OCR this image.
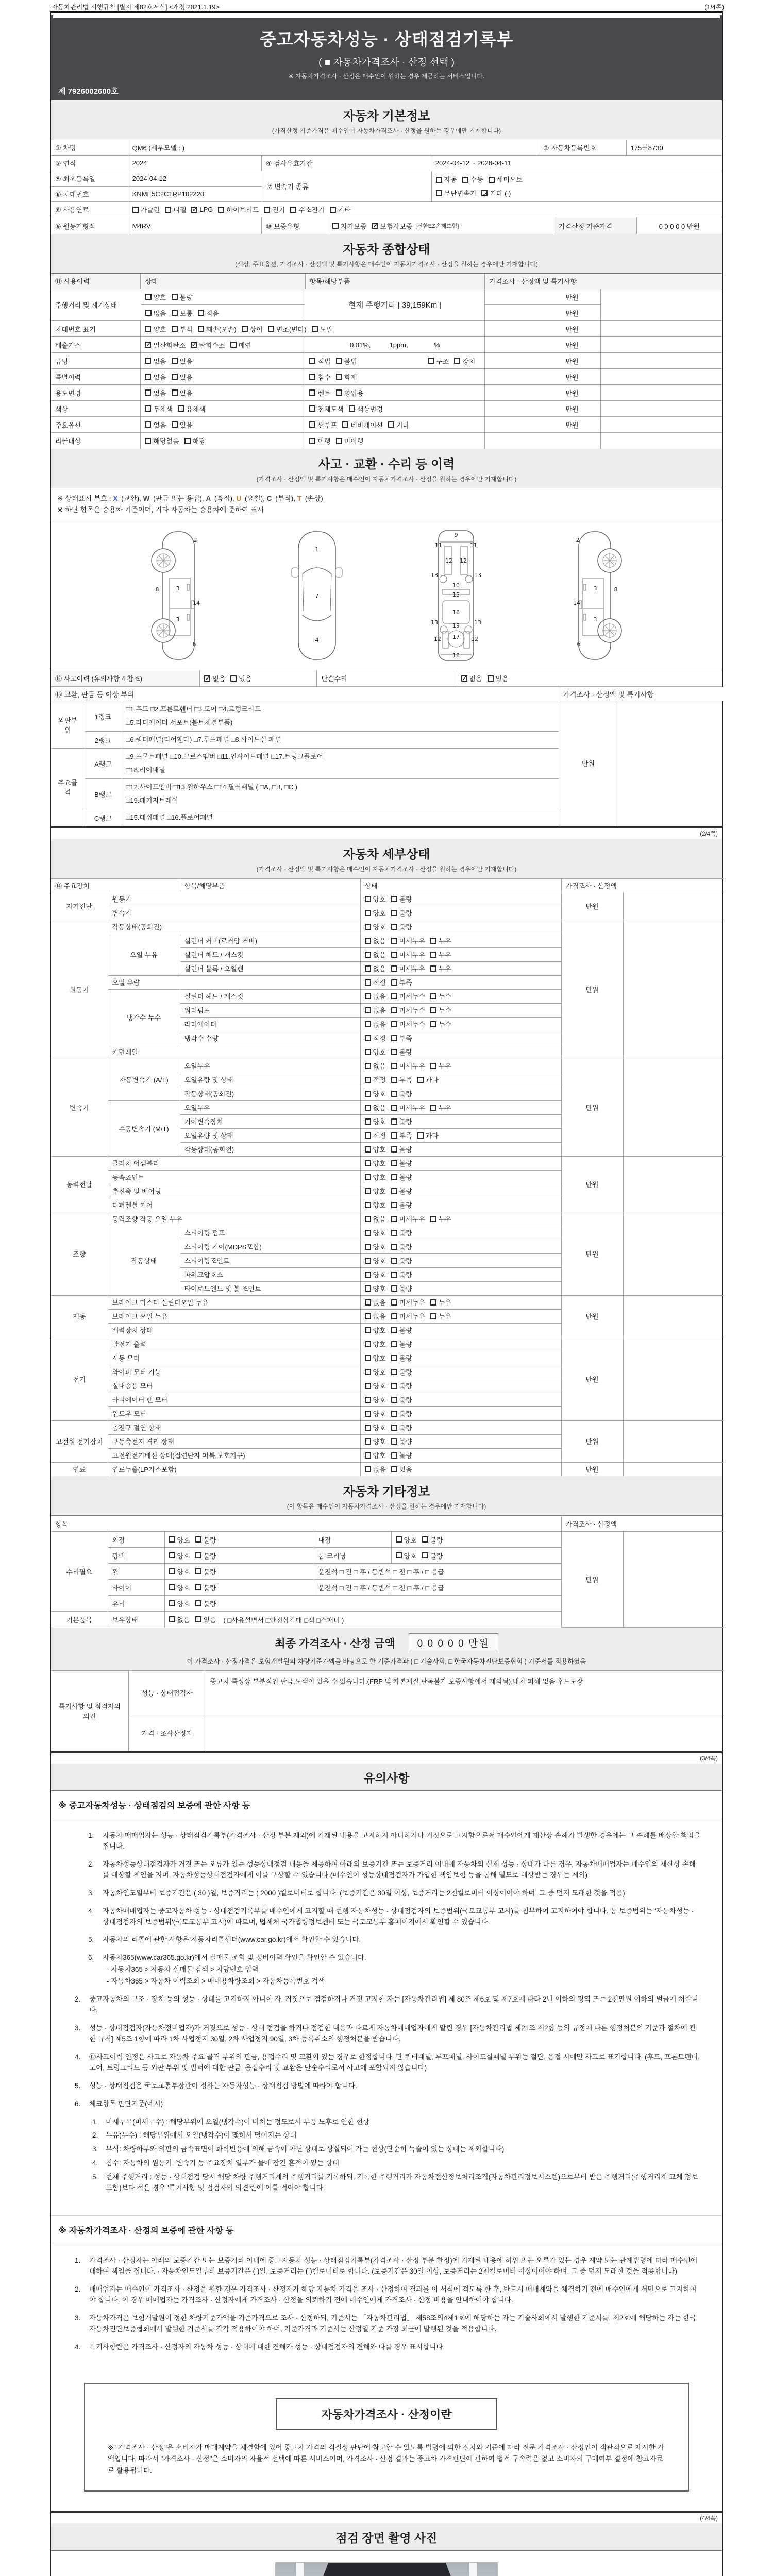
자동차관리법 시행규칙 [별지 제82호서식] <개정 2021.1.19>	(1/4쪽)
중고자동차성능 · 상태점검기록부
( ■ 자동차가격조사 · 산정 선택 )
※ 자동차가격조사 · 산정은 매수인이 원하는 경우 제공하는 서비스입니다.
제 7926002600호
자동차 기본정보
(가격산정 기준가격은 매수인이 자동차가격조사 · 산정을 원하는 경우에만 기재합니다)
① 차명	QM6 (세부모델 : )	② 자동차등록번호	175러8730
③ 연식	2024	④ 검사유효기간	2024-04-12 ~ 2028-04-11
⑤ 최초등록일	2024-04-12
⑥ 차대번호	KNME5C2C1RP102220
⑦ 변속기 종류
자동 수동 세미오토

무단변속기 ✓ 기타 ( )
⑧ 사용연료	가솔린 디젤 ✓ LPG 하이브리드 전기 수소전기 기타
⑨ 원동기형식	M4RV	⑩ 보증유형	자가보증 ✓ 보험사보증 [신한EZ손해보험]	가격산정 기준가격	0 0 0 0 0 만원
자동차 종합상태
(색상, 주요옵션, 가격조사 · 산정액 및 특기사항은 매수인이 자동차가격조사 · 산정을 원하는 경우에만 기재합니다)
⑪ 사용이력	상태	항목/해당부품	가격조사 · 산정액 및 특기사항
주행거리 및 계기상태
양호 불량
많음 보통 적음
현재 주행거리 [ 39,159Km ]
만원
만원
차대번호 표기	양호 부식 훼손(오손) 상이 변조(변타) 도말	만원
배출가스 ✓	일산화탄소 ✓ 탄화수소 매연	0.01%,          1ppm,              %	만원
튜닝	없음 있음	적법 불법	구조 장치	만원
특별이력	없음 있음	침수 화재	만원
용도변경	없음 있음	렌트 영업용	만원
색상	무채색 유채색	전체도색 색상변경	만원
주요옵션	없음 있음	썬루프 네비게이션 기타	만원
리콜대상	해당없음 해당	이행 미이행
사고 · 교환 · 수리 등 이력
(가격조사 · 산정액 및 특기사항은 매수인이 자동차가격조사 · 산정을 원하는 경우에만 기재합니다)
※ 상태표시 부호 : X (교환), W (판금 또는 용접), A (흠집), U (요철), C (부식), T (손상)
※ 하단 항목은 승용차 기준이며, 기타 자동차는 승용차에 준하여 표시
2
8	3
14
3
6
1
7
4
9
11	11
13	13
12 12
10
15
16
19
13	13
12	12
17
18
2
8
3
14
3
6
⑫ 사고이력 (유의사항 4 참조) ✓	없음 있음	단순수리 ✓	없음 있음
⑬ 교환, 판금 등 이상 부위			가격조사 · 산정액 및 특기사항	
외판부위	1랭크	□1.후드 □2.프론트휀더 □3.도어 □4.트렁크리드
□5.라디에이터 서포트(볼트체결부품)	만원	
	2랭크	□6.쿼터패널(리어휀다) □7.루프패널 □8.사이드실 패널		
주요골격	A랭크	□9.프론트패널 □10.크로스멤버 □11.인사이드패널 □17.트렁크플로어
□18.리어패널		
	B랭크	□12.사이드멤버 □13.휠하우스 □14.필러패널 ( □A, □B, □C )
□19.패키지트레이		
	C랭크	□15.대쉬패널 □16.플로어패널		
(2/4쪽)
자동차 세부상태
(가격조사 · 산정액 및 특기사항은 매수인이 자동차가격조사 · 산정을 원하는 경우에만 기재합니다)
⑭ 주요장치		항목/해당부품	상태	가격조사 · 산정액	
자기진단	원동기		양호 불량	만원	
	변속기		양호 불량		

원동기	작동상태(공회전)		양호 불량	만원	
	오일 누유	실린더 커버(로커암 커버)	없음 미세누유 누유		

		실린더 헤드 / 개스킷	없음 미세누유 누유		

		실린더 블록 / 오일팬	없음 미세누유 누유		

	오일 유량		적정 부족		

	냉각수 누수	실린더 헤드 / 개스킷	없음 미세누수 누수		

		워터펌프	없음 미세누수 누수		

		라디에이터	없음 미세누수 누수		

		냉각수 수량	적정 부족		

	커먼레일		양호 불량		

변속기	자동변속기 (A/T)	오일누유	없음 미세누유 누유	만원	
		오일유량 및 상태	적정 부족 과다		

		작동상태(공회전)	양호 불량		

	수동변속기 (M/T)	오일누유	없음 미세누유 누유		

		기어변속장치	양호 불량		

		오일유량 및 상태	적정 부족 과다		

		작동상태(공회전)	양호 불량		

동력전달	클러치 어셈블리		양호 불량	만원	
	등속죠인트		양호 불량		

	추진축 및 베어링		양호 불량		

	디퍼렌셜 기어		양호 불량		

조향	동력조향 작동 오일 누유		없음 미세누유 누유	만원	
	작동상태	스티어링 펌프	양호 불량		

		스티어링 기어(MDPS포함)	양호 불량		

		스티어링조인트	양호 불량		

		파워고압호스	양호 불량		

		타이로드엔드 및 볼 조인트	양호 불량		

제동	브레이크 마스터 실린더오일 누유		없음 미세누유 누유	만원	
	브레이크 오일 누유		없음 미세누유 누유		

	배력장치 상태		양호 불량		

전기	발전기 출력		양호 불량	만원	
	시동 모터		양호 불량		

	와이퍼 모터 기능		양호 불량		

	실내송풍 모터		양호 불량		

	라디에이터 팬 모터		양호 불량		

	윈도우 모터		양호 불량		

고전원 전기장치	충전구 절연 상태		양호 불량	만원	
	구동축전지 격리 상태		양호 불량		

	고전원전기배선 상태(절연단자 피복,보호기구)		양호 불량		

연료	연료누출(LP가스포함)		없음 있음	만원	
자동차 기타정보
(이 항목은 매수인이 자동차가격조사 · 산정을 원하는 경우에만 기재합니다)
항목					가격조사 · 산정액	
수리필요	외장	양호 불량	내장	양호 불량	만원	
	광택	양호 불량	룸 크리닝	양호 불량		

	휠	양호 불량	운전석 □ 전 □ 후 / 동반석 □ 전 □ 후 / □ 응급			
	타이어	양호 불량	운전석 □ 전 □ 후 / 동반석 □ 전 □ 후 / □ 응급			
	유리	양호 불량				

기본품목	보유상태	없음 있음 ( □사용설명서 □안전삼각대 □잭 □스패너 )				
최종 가격조사 · 산정 금액	0 0 0 0 0 만원
이 가격조사 · 산정가격은 보험개발원의 차량기준가액을 바탕으로 한 기준가격과 ( □ 기술사회, □ 한국자동차진단보증협회 ) 기준서를 적용하였음
특기사항 및 점검자의 의견	성능 · 상태점검자	중고차 특성상 부분적인 판금,도색이 있을 수 있습니다.(FRP 및 카본재질 판독불가 보증사항에서 제외됨),내차 피해 없음 후드도장
	가격 · 조사산정자	
(3/4쪽)
유의사항
※ 중고자동차성능 · 상태점검의 보증에 관한 사항 등
1.	자동차 매매업자는 성능 · 상태점검기록부(가격조사 · 산정 부분 제외)에 기재된 내용을 고지하지 아니하거나 거짓으로 고지함으로써 매수인에게 재산상 손해가 발생한 경우에는 그 손해를 배상할 책임을 집니다.
2.	자동차성능상태점검자가 거짓 또는 오류가 있는 성능상태점검 내용을 제공하여 아래의 보증기간 또는 보증거리 이내에 자동차의 실제 성능 · 상태가 다른 경우, 자동차매매업자는 매수인의 재산상 손해를 배상할 책임을 지며, 자동차성능상태점검자에게 이를 구상할 수 있습니다.(매수인이 성능상태점검자가 가입한 책임보험 등을 통해 별도로 배상받는 경우는 제외)
3.	자동차인도일부터 보증기간은 ( 30 )일, 보증거리는 ( 2000 )킬로미터로 합니다. (보증기간은 30일 이상, 보증거리는 2천킬로미터 이상이어야 하며, 그 중 먼저 도래한 것을 적용)
4.	자동차매매업자는 중고자동차 성능 · 상태점검기록부를 매수인에게 고지할 때 현행 자동차성능 · 상태점검자의 보증범위(국토교통부 고시)를 첨부하여 고지하여야 합니다. 동 보증범위는 '자동차성능 · 상태점검자의 보증범위'(국토교통부 고시)에 따르며, 법제처 국가법령정보센터 또는 국토교통부 홈페이지에서 확인할 수 있습니다.
5.	자동차의 리콜에 관한 사항은 자동차리콜센터(www.car.go.kr)에서 확인할 수 있습니다.
6.	자동차365(www.car365.go.kr)에서 실매물 조회 및 정비이력 확인을 확인할 수 있습니다.
- 자동차365 > 자동차 실매물 검색 > 차량번호 입력
- 자동차365 > 자동차 이력조회 > 매매용차량조회 > 자동차등록번호 검색
2.	중고자동차의 구조 · 장치 등의 성능 · 상태를 고지하지 아니한 자, 거짓으로 점검하거나 거짓 고지한 자는 [자동차관리법] 제 80조 제6호 및 제7호에 따라 2년 이하의 징역 또는 2천만원 이하의 벌금에 처합니다.
3.	성능 · 상태점검자(자동차정비업자)가 거짓으로 성능 · 상태 점검을 하거나 점검한 내용과 다르게 자동차매매업자에게 알린 경우 [자동차관리법 제21조 제2항 등의 규정에 따른 행정처분의 기준과 절차에 관한 규칙] 제5조 1항에 따라 1차 사업정지 30일, 2차 사업정지 90일, 3차 등록취소의 행정처분을 받습니다.
4.	⑫사고이력 인정은 사고로 자동차 주요 골격 부위의 판금, 용접수리 및 교환이 있는 경우로 한정합니다. 단 쿼터패널, 루프패널, 사이드실패널 부위는 절단, 용접 시에만 사고로 표기합니다. (후드, 프론트펜더, 도어, 트렁크리드 등 외판 부위 및 범퍼에 대한 판금, 용접수리 및 교환은 단순수리로서 사고에 포함되지 않습니다)
5.	성능 · 상태점검은 국토교통부장관이 정하는 자동차성능 · 상태점검 방법에 따라야 합니다.
6.	체크항목 판단기준(예시)
1.	미세누유(미세누수) : 해당부위에 오일(냉각수)이 비치는 정도로서 부품 노후로 인한 현상
2.	누유(누수) : 해당부위에서 오일(냉각수)이 맺혀서 떨어지는 상태
3.	부식: 차량하부와 외판의 금속표면이 화학반응에 의해 금속이 아닌 상태로 상실되어 가는 현상(단순히 녹슬어 있는 상태는 제외합니다)
4.	침수: 자동차의 원동기, 변속기 등 주요장치 일부가 물에 잠긴 흔적이 있는 상태
5.	현재 주행거리 : 성능 · 상태점검 당시 해당 차량 주행거리계의 주행거리를 기록하되, 기록한 주행거리가 자동차전산정보처리조직(자동차관리정보시스템)으로부터 받은 주행거리(주행거리계 교체 정보 포함)보다 적은 경우 '특기사항 및 점검자의 의견'란에 이를 적어야 합니다.
※ 자동차가격조사 · 산정의 보증에 관한 사항 등
1.	가격조사 · 산정자는 아래의 보증기간 또는 보증거리 이내에 중고자동차 성능 · 상태점검기록부(가격조사 · 산정 부분 한정)에 기재된 내용에 허위 또는 오류가 있는 경우 계약 또는 관계법령에 따라 매수인에 대하여 책임을 집니다. · 자동차인도일부터 보증기간은 ( )일, 보증거리는 ( )킬로미터로 합니다. (보증기간은 30일 이상, 보증거리는 2천킬로미터 이상이어야 하며, 그 중 먼저 도래한 것을 적용합니다)
2.	매매업자는 매수인이 가격조사 · 산정을 원할 경우 가격조사 · 산정자가 해당 자동차 가격을 조사 · 산정하여 결과를 이 서식에 적도록 한 후, 반드시 매매계약을 체결하기 전에 매수인에게 서면으로 고지하여야 합니다. 이 경우 매매업자는 가격조사 · 산정자에게 가격조사 · 산정을 의뢰하기 전에 매수인에게 가격조사 · 산정 비용을 안내하여야 합니다.
3.	자동차가격은 보험개발원이 정한 차량기준가액을 기준가격으로 조사 · 산정하되, 기준서는 「자동차관리법」 제58조의4제1호에 해당하는 자는 기술사회에서 발행한 기준서를, 제2호에 해당하는 자는 한국자동차진단보증협회에서 발행한 기준서를 각각 적용하여야 하며, 기준가격과 기준서는 산정일 기준 가장 최근에 발행된 것을 적용합니다.
4.	특기사항란은 가격조사 · 산정자의 자동차 성능 · 상태에 대한 견해가 성능 · 상태점검자의 견해와 다를 경우 표시합니다.
자동차가격조사 · 산정이란
※ "가격조사 · 산정"은 소비자가 매매계약을 체결함에 있어 중고차 가격의 적절성 판단에 참고할 수 있도록 법령에 의한 절차와 기준에 따라 전문 가격조사 · 산정인이 객관적으로 제시한 가액입니다. 따라서 "가격조사 · 산정"은 소비자의 자율적 선택에 따른 서비스이며, 가격조사 · 산정 결과는 중고차 가격판단에 관하여 법적 구속력은 없고 소비자의 구매여부 결정에 참고자료로 활용됩니다.
(4/4쪽)
점검 장면 촬영 사진
